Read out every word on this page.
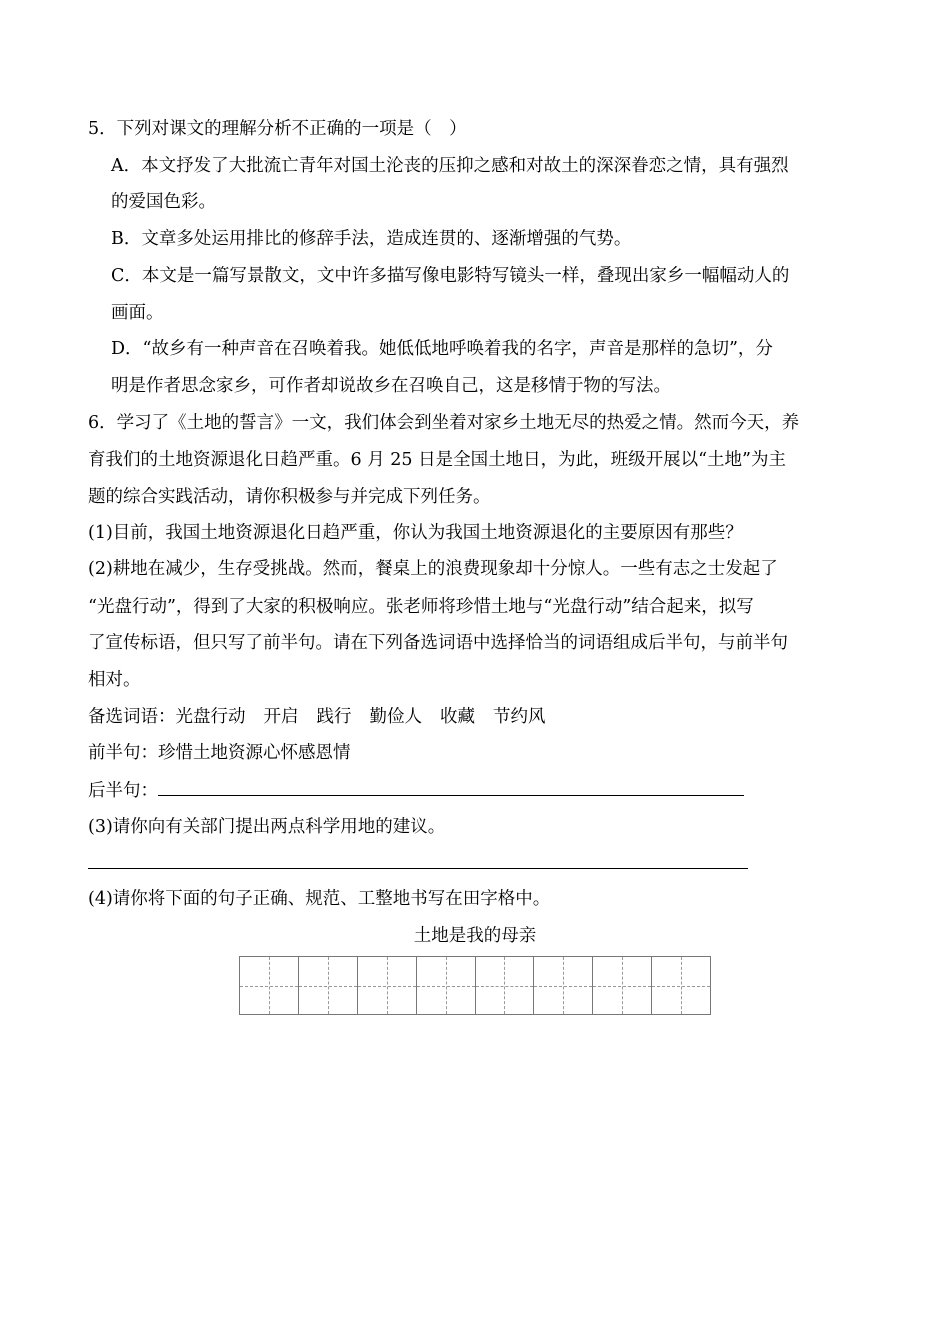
5．下列对课文的理解分析不正确的一项是（　）
A．本文抒发了大批流亡青年对国土沦丧的压抑之感和对故土的深深眷恋之情，具有强烈
的爱国色彩。
B．文章多处运用排比的修辞手法，造成连贯的、逐渐增强的气势。
C．本文是一篇写景散文，文中许多描写像电影特写镜头一样，叠现出家乡一幅幅动人的
画面。
D．“故乡有一种声音在召唤着我。她低低地呼唤着我的名字，声音是那样的急切”，分
明是作者思念家乡，可作者却说故乡在召唤自己，这是移情于物的写法。
6．学习了《土地的誓言》一文，我们体会到坐着对家乡土地无尽的热爱之情。然而今天，养
育我们的土地资源退化日趋严重。6 月 25 日是全国土地日，为此，班级开展以“土地”为主
题的综合实践活动，请你积极参与并完成下列任务。
(1)目前，我国土地资源退化日趋严重，你认为我国土地资源退化的主要原因有那些？
(2)耕地在减少，生存受挑战。然而，餐桌上的浪费现象却十分惊人。一些有志之士发起了
“光盘行动”，得到了大家的积极响应。张老师将珍惜土地与“光盘行动”结合起来，拟写
了宣传标语，但只写了前半句。请在下列备选词语中选择恰当的词语组成后半句，与前半句
相对。
备选词语：光盘行动 开启 践行 勤俭人 收藏 节约风
前半句：珍惜土地资源心怀感恩情
后半句：
(3)请你向有关部门提出两点科学用地的建议。
(4)请你将下面的句子正确、规范、工整地书写在田字格中。
土地是我的母亲
